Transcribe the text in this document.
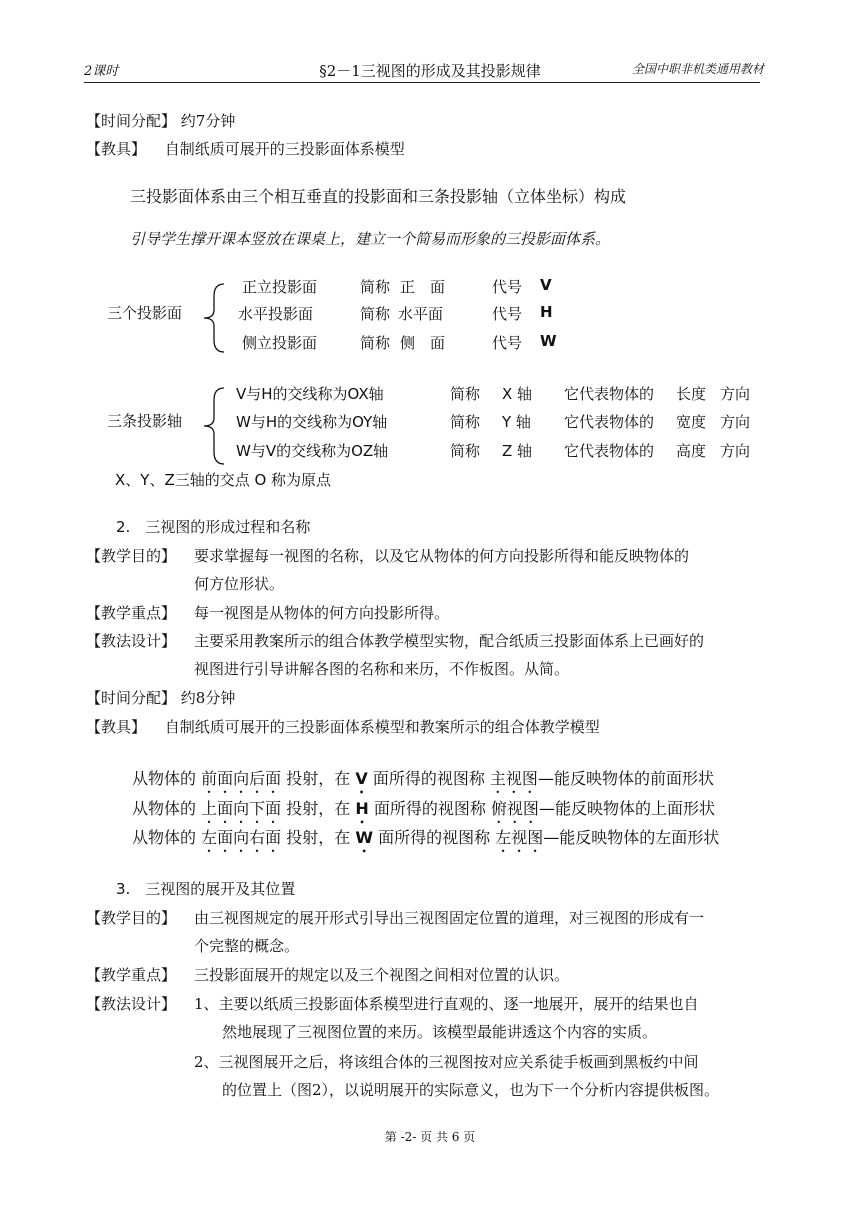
2课时	§2－1三视图的形成及其投影规律	全国中职非机类通用教材
【时间分配】 约7分钟
【教具】 自制纸质可展开的三投影面体系模型
三投影面体系由三个相互垂直的投影面和三条投影轴（立体坐标）构成
引导学生撑开课本竖放在课桌上，建立一个简易而形象的三投影面体系。
三个投影面
正立投影面	简称 正　面	代号 V
水平投影面	简称 水平面	代号 H
侧立投影面	简称 侧　面	代号 W
三条投影轴
V与H的交线称为OX轴	简称 X 轴 它代表物体的 长度 方向
W与H的交线称为OY轴	简称 Y 轴 它代表物体的 宽度 方向
W与V的交线称为OZ轴	简称 Z 轴 它代表物体的 高度 方向
X、Y、Z三轴的交点 O 称为原点
2.　三视图的形成过程和名称
【教学目的】 要求掌握每一视图的名称，以及它从物体的何方向投影所得和能反映物体的
何方位形状。
【教学重点】 每一视图是从物体的何方向投影所得。
【教法设计】 主要采用教案所示的组合体教学模型实物，配合纸质三投影面体系上已画好的
视图进行引导讲解各图的名称和来历，不作板图。从简。
【时间分配】 约8分钟
【教具】 自制纸质可展开的三投影面体系模型和教案所示的组合体教学模型
从物体的 前面向后面 投射，在 V 面所得的视图称 主视图—能反映物体的前面形状
从物体的 上面向下面 投射，在 H 面所得的视图称 俯视图—能反映物体的上面形状
从物体的 左面向右面 投射，在 W 面所得的视图称 左视图—能反映物体的左面形状
3.　三视图的展开及其位置
【教学目的】 由三视图规定的展开形式引导出三视图固定位置的道理，对三视图的形成有一
个完整的概念。
【教学重点】 三投影面展开的规定以及三个视图之间相对位置的认识。
【教法设计】 1、主要以纸质三投影面体系模型进行直观的、逐一地展开，展开的结果也自
然地展现了三视图位置的来历。该模型最能讲透这个内容的实质。
2、三视图展开之后，将该组合体的三视图按对应关系徒手板画到黑板约中间
的位置上（图2），以说明展开的实际意义，也为下一个分析内容提供板图。
第 -2- 页 共 6 页
